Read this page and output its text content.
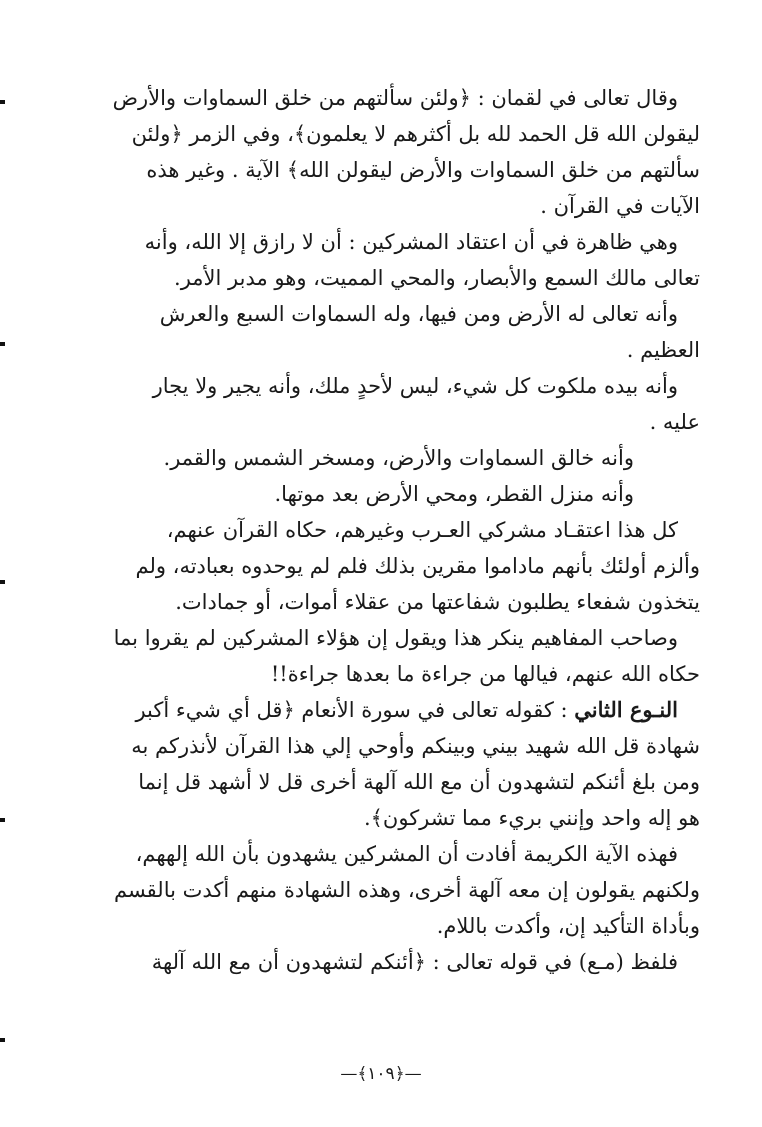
وقال تعالى في لقمان : ﴿ولئن سألتهم من خلق السماوات والأرض
ليقولن الله قل الحمد لله بل أكثرهم لا يعلمون﴾، وفي الزمر ﴿ولئن
سألتهم من خلق السماوات والأرض ليقولن الله﴾ الآية . وغير هذه
الآيات في القرآن .
وهي ظاهرة في أن اعتقاد المشركين : أن لا رازق إلا الله، وأنه
تعالى مالك السمع والأبصار، والمحي المميت، وهو مدبر الأمر.
وأنه تعالى له الأرض ومن فيها، وله السماوات السبع والعرش
العظيم .
وأنه بيده ملكوت كل شيء، ليس لأحدٍ ملك، وأنه يجير ولا يجار
عليه .
وأنه خالق السماوات والأرض، ومسخر الشمس والقمر.
وأنه منزل القطر، ومحي الأرض بعد موتها.
كل هذا اعتقـاد مشركي العـرب وغيرهم، حكاه القرآن عنهم،
وألزم أولئك بأنهم ماداموا مقرين بذلك فلم لم يوحدوه بعبادته، ولم
يتخذون شفعاء يطلبون شفاعتها من عقلاء أموات، أو جمادات.
وصاحب المفاهيم ينكر هذا ويقول إن هؤلاء المشركين لم يقروا بما
حكاه الله عنهم، فيالها من جراءة ما بعدها جراءة!!
النـوع الثاني : كقوله تعالى في سورة الأنعام ﴿قل أي شيء أكبر
شهادة قل الله شهيد بيني وبينكم وأوحي إلي هذا القرآن لأنذركم به
ومن بلغ أئنكم لتشهدون أن مع الله آلهة أخرى قل لا أشهد قل إنما
هو إله واحد وإنني بريء مما تشركون﴾.
فهذه الآية الكريمة أفادت أن المشركين يشهدون بأن الله إلههم،
ولكنهم يقولون إن معه آلهة أخرى، وهذه الشهادة منهم أكدت بالقسم
وبأداة التأكيد إن، وأكدت باللام.
فلفظ (مـع) في قوله تعالى : ﴿أئنكم لتشهدون أن مع الله آلهة
—﴿١٠٩﴾—
